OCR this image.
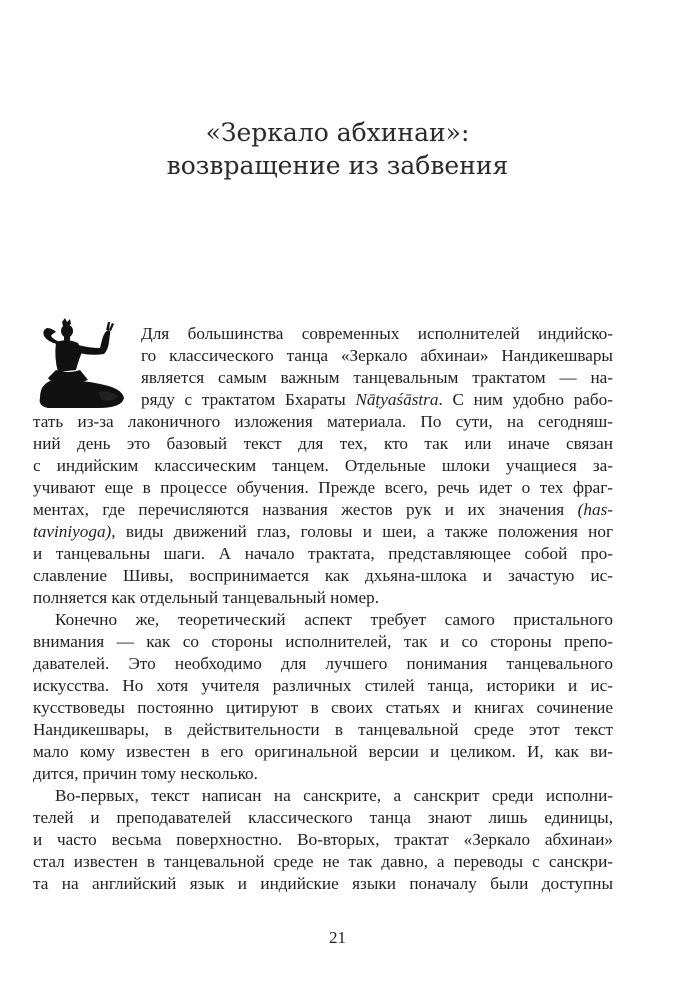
«Зеркало абхинаи»:
возвращение из забвения
Для большинства современных исполнителей индийско-
го классического танца «Зеркало абхинаи» Нандикешвары
является самым важным танцевальным трактатом — на-
ряду с трактатом Бхараты Nāṭyaśāstra. С ним удобно рабо-
тать из-за лаконичного изложения материала. По сути, на сегодняш-
ний день это базовый текст для тех, кто так или иначе связан
с индийским классическим танцем. Отдельные шлоки учащиеся за-
учивают еще в процессе обучения. Прежде всего, речь идет о тех фраг-
ментах, где перечисляются названия жестов рук и их значения (has-
taviniyoga), виды движений глаз, головы и шеи, а также положения ног
и танцевальны шаги. А начало трактата, представляющее собой про-
славление Шивы, воспринимается как дхьяна-шлока и зачастую ис-
полняется как отдельный танцевальный номер.
Конечно же, теоретический аспект требует самого пристального
внимания — как со стороны исполнителей, так и со стороны препо-
давателей. Это необходимо для лучшего понимания танцевального
искусства. Но хотя учителя различных стилей танца, историки и ис-
кусствоведы постоянно цитируют в своих статьях и книгах сочинение
Нандикешвары, в действительности в танцевальной среде этот текст
мало кому известен в его оригинальной версии и целиком. И, как ви-
дится, причин тому несколько.
Во-первых, текст написан на санскрите, а санскрит среди исполни-
телей и преподавателей классического танца знают лишь единицы,
и часто весьма поверхностно. Во-вторых, трактат «Зеркало абхинаи»
стал известен в танцевальной среде не так давно, а переводы с санскри-
та на английский язык и индийские языки поначалу были доступны
21
